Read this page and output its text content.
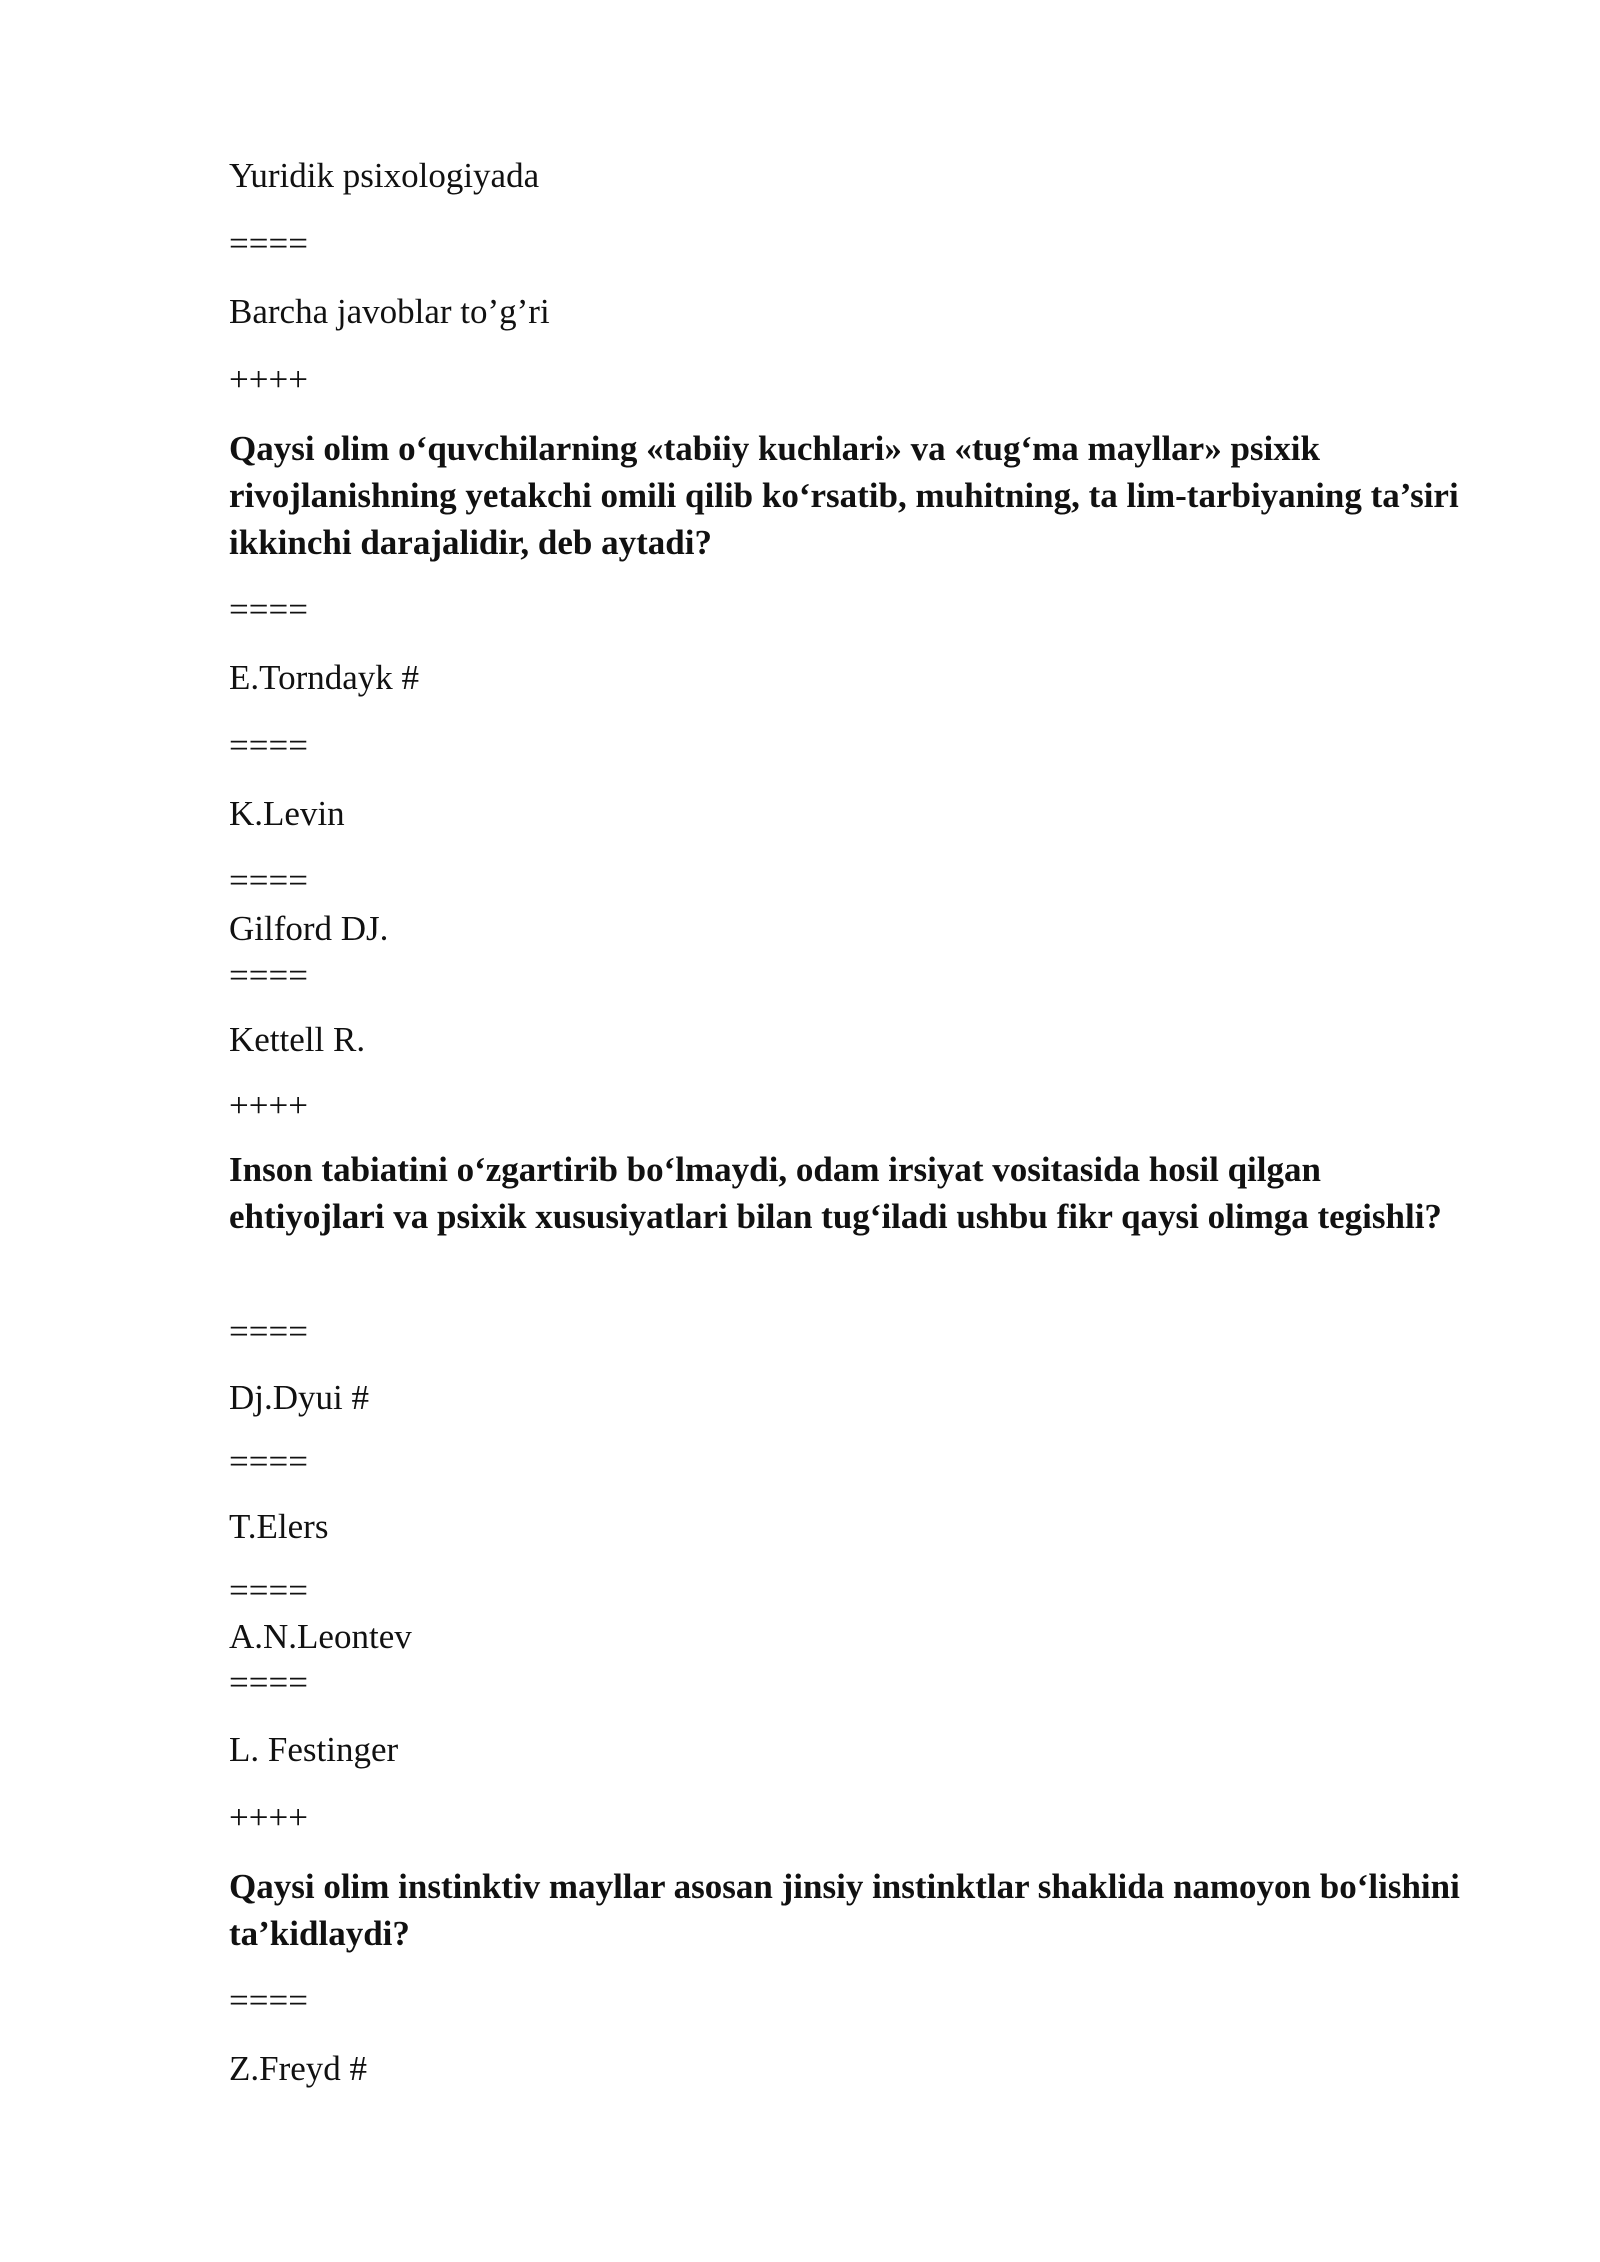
Yuridik psixologiyada

====

Barcha javoblar to’g’ri

++++

Qaysi olim o‘quvchilarning «tabiiy kuchlari» va «tug‘ma mayllar» psixik rivojlanishning yetakchi omili qilib ko‘rsatib, muhitning, ta lim-tarbiyaning ta’siri ikkinchi darajalidir, deb aytadi?

====

E.Torndayk #

====

K.Levin

====

Gilford DJ.

====

Kettell R.

++++

Inson tabiatini o‘zgartirib bo‘lmaydi, odam irsiyat vositasida hosil qilgan ehtiyojlari va psixik xususiyatlari bilan tug‘iladi ushbu fikr qaysi olimga tegishli?

====

Dj.Dyui #

====

T.Elers

====

A.N.Leontev

====

L. Festinger

++++

Qaysi olim instinktiv mayllar asosan jinsiy instinktlar shaklida namoyon bo‘lishini ta’kidlaydi?

====

Z.Freyd #
